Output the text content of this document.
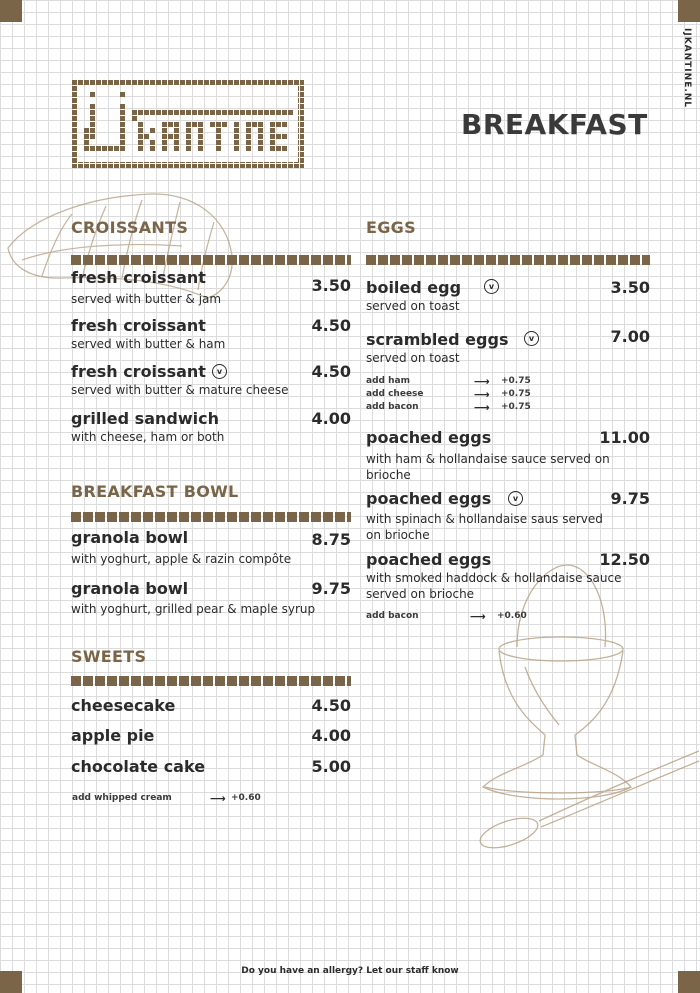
IJKANTINE.NL
BREAKFAST
CROISSANTS
fresh croissant	3.50
served with butter & jam
fresh croissant	4.50
served with butter & ham
fresh croissant	v	4.50
served with butter & mature cheese
grilled sandwich	4.00
with cheese, ham or both
BREAKFAST BOWL
granola bowl	8.75
with yoghurt, apple & razin compôte
granola bowl	9.75
with yoghurt, grilled pear & maple syrup
SWEETS
cheesecake	4.50
apple pie	4.00
chocolate cake	5.00
add whipped cream	⟶ +0.60
EGGS
boiled egg	v	3.50
served on toast
scrambled eggs	v	7.00
served on toast
add ham	⟶ +0.75
add cheese	⟶ +0.75
add bacon	⟶ +0.75
poached eggs	11.00
with ham & hollandaise sauce served on brioche
poached eggs	v	9.75
with spinach & hollandaise saus served on brioche
poached eggs	12.50
with smoked haddock & hollandaise sauce served on brioche
add bacon	⟶ +0.60
Do you have an allergy? Let our staff know
